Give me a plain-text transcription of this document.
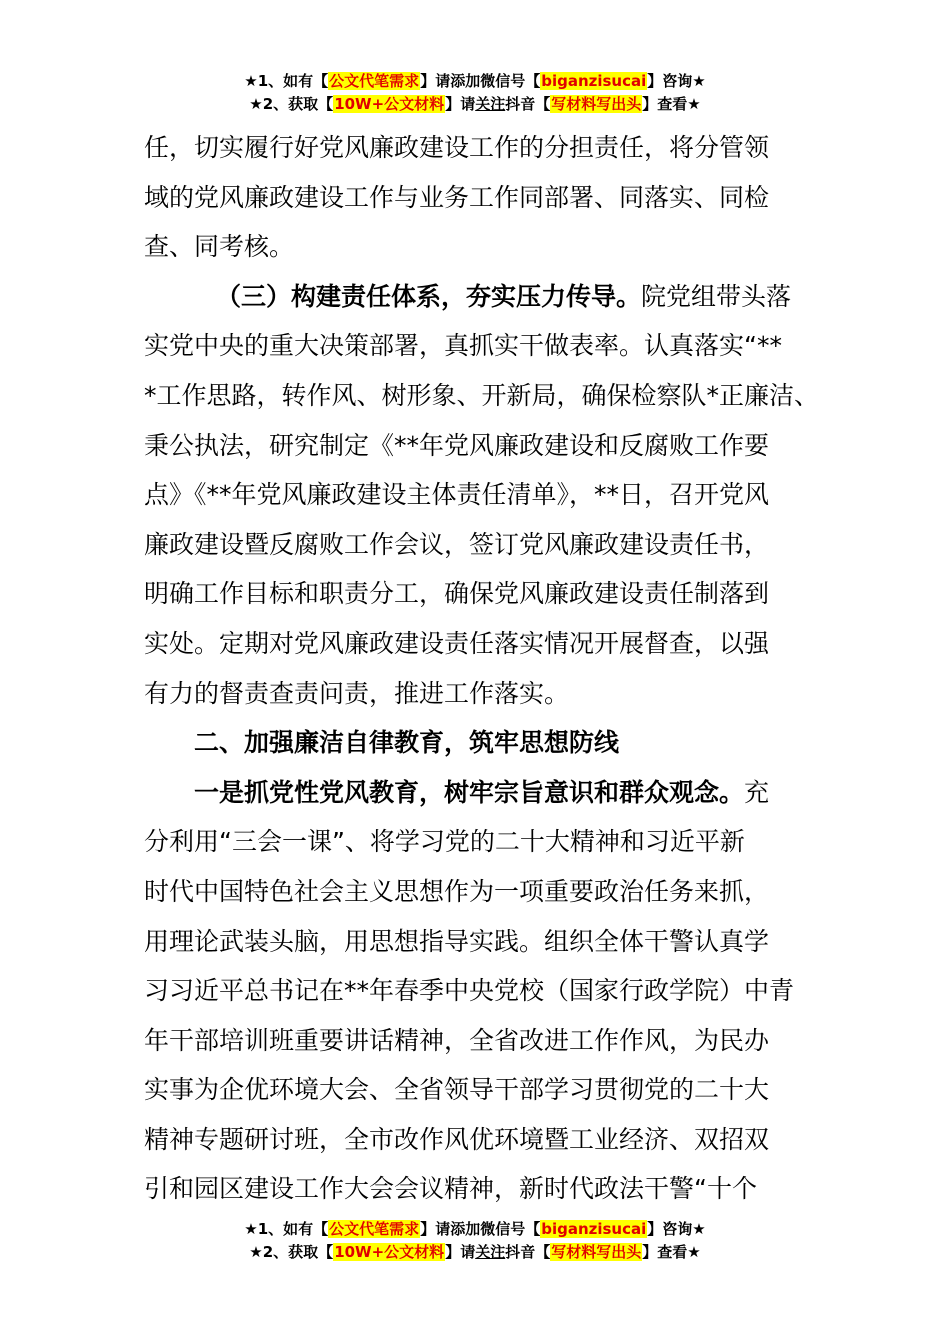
★1、如有【公文代笔需求】请添加微信号【biganzisucai】咨询★
★2、获取【10W+公文材料】请关注抖音【写材料写出头】查看★

任，切实履行好党风廉政建设工作的分担责任，将分管领
域的党风廉政建设工作与业务工作同部署、同落实、同检
查、同考核。

（三）构建责任体系，夯实压力传导。院党组带头落
实党中央的重大决策部署，真抓实干做表率。认真落实“**
*工作思路，转作风、树形象、开新局，确保检察队*正廉洁、
秉公执法，研究制定《**年党风廉政建设和反腐败工作要
点》《**年党风廉政建设主体责任清单》，**日，召开党风
廉政建设暨反腐败工作会议，签订党风廉政建设责任书，
明确工作目标和职责分工，确保党风廉政建设责任制落到
实处。定期对党风廉政建设责任落实情况开展督查，以强
有力的督责查责问责，推进工作落实。

二、加强廉洁自律教育，筑牢思想防线

一是抓党性党风教育，树牢宗旨意识和群众观念。充
分利用“三会一课”、将学习党的二十大精神和习近平新
时代中国特色社会主义思想作为一项重要政治任务来抓，
用理论武装头脑，用思想指导实践。组织全体干警认真学
习习近平总书记在**年春季中央党校（国家行政学院）中青
年干部培训班重要讲话精神，全省改进工作作风，为民办
实事为企优环境大会、全省领导干部学习贯彻党的二十大
精神专题研讨班，全市改作风优环境暨工业经济、双招双
引和园区建设工作大会会议精神，新时代政法干警“十个

★1、如有【公文代笔需求】请添加微信号【biganzisucai】咨询★
★2、获取【10W+公文材料】请关注抖音【写材料写出头】查看★
